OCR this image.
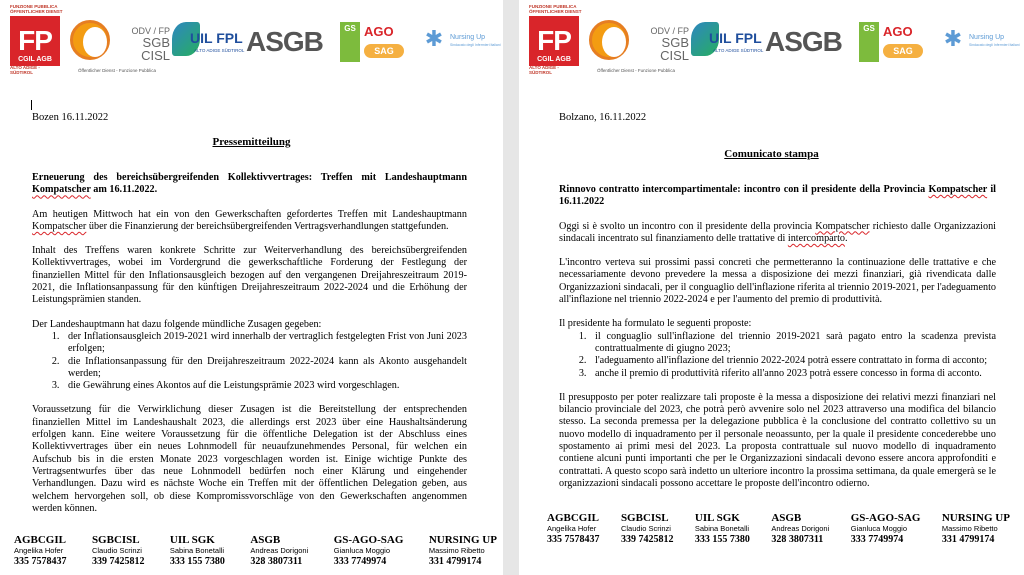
FUNZIONE PUBBLICA
ÖFFENTLICHER DIENST
FP
CGIL AGB
ALTO ADIGE - SÜDTIROL
ODV / FP
SGB CISL
Öffentlicher Dienst - Funzione Pubblica
UIL FPL
ALTO ADIGE SÜDTIROL ASGB	GS AGO
SAG	✱ Nursing Up
Sindacato degli Infermieri Italiani
Bozen 16.11.2022
Pressemitteilung

Erneuerung des bereichsübergreifenden Kollektivvertrages: Treffen mit Landeshauptmann Kompatscher am 16.11.2022.

Am heutigen Mittwoch hat ein von den Gewerkschaften gefordertes Treffen mit Landeshauptmann Kompatscher über die Finanzierung der bereichsübergreifenden Vertragsverhandlungen stattgefunden.

Inhalt des Treffens waren konkrete Schritte zur Weiterverhandlung des bereichsübergreifenden Kollektivvertrages, wobei im Vordergrund die gewerkschaftliche Forderung der Festlegung der finanziellen Mittel für den Inflationsausgleich bezogen auf den vergangenen Dreijahreszeitraum 2019-2021, die Inflationsanpassung für den künftigen Dreijahreszeitraum 2022-2024 und die Erhöhung der Leistungsprämien standen.

Der Landeshauptmann hat dazu folgende mündliche Zusagen gegeben:

1. der Inflationsausgleich 2019-2021 wird innerhalb der vertraglich festgelegten Frist von Juni 2023 erfolgen;
2. die Inflationsanpassung für den Dreijahreszeitraum 2022-2024 kann als Akonto ausgehandelt werden;
3. die Gewährung eines Akontos auf die Leistungsprämie 2023 wird vorgeschlagen.

Voraussetzung für die Verwirklichung dieser Zusagen ist die Bereitstellung der entsprechenden finanziellen Mittel im Landeshaushalt 2023, die allerdings erst 2023 über eine Haushaltsänderung erfolgen kann. Eine weitere Voraussetzung für die öffentliche Delegation ist der Abschluss eines Kollektivvertrages über ein neues Lohnmodell für neuaufzunehmendes Personal, für welchen ein Aufschub bis in die ersten Monate 2023 vorgeschlagen worden ist. Einige wichtige Punkte des Vertragsentwurfes über das neue Lohnmodell bedürfen noch einer Klärung und eingehender Verhandlungen. Dazu wird es nächste Woche ein Treffen mit der öffentlichen Delegation geben, aus welchem hervorgehen soll, ob diese Kompromissvorschläge von den Gewerkschaften angenommen werden können.

AGBCGIL
Angelika Hofer
335 7578437
SGBCISL
Claudio Scrinzi
339 7425812
UIL SGK
Sabina Bonetalli
333 155 7380
ASGB
Andreas Dorigoni
328 3807311
GS-AGO-SAG
Gianluca Moggio
333 7749974
NURSING UP
Massimo Ribetto
331 4799174
FUNZIONE PUBBLICA
ÖFFENTLICHER DIENST
FP
CGIL AGB
ALTO ADIGE - SÜDTIROL
ODV / FP
SGB CISL
Öffentlicher Dienst - Funzione Pubblica
UIL FPL
ALTO ADIGE SÜDTIROL ASGB	GS AGO
SAG	✱ Nursing Up
Sindacato degli Infermieri Italiani
Bolzano, 16.11.2022
Comunicato stampa

Rinnovo contratto intercompartimentale: incontro con il presidente della Provincia Kompatscher il 16.11.2022

Oggi si è svolto un incontro con il presidente della provincia Kompatscher richiesto dalle Organizzazioni sindacali incentrato sul finanziamento delle trattative di intercomparto.

L'incontro verteva sui prossimi passi concreti che permetteranno la continuazione delle trattative e che necessariamente devono prevedere la messa a disposizione dei mezzi finanziari, già rivendicata dalle Organizzazioni sindacali, per il conguaglio dell'inflazione riferita al triennio 2019-2021, per l'adeguamento all'inflazione nel triennio 2022-2024 e per l'aumento del premio di produttività.

Il presidente ha formulato le seguenti proposte:

1. il conguaglio sull'inflazione del triennio 2019-2021 sarà pagato entro la scadenza prevista contrattualmente di giugno 2023;
2. l'adeguamento all'inflazione del triennio 2022-2024 potrà essere contrattato in forma di acconto;
3. anche il premio di produttività riferito all'anno 2023 potrà essere concesso in forma di acconto.

Il presupposto per poter realizzare tali proposte è la messa a disposizione dei relativi mezzi finanziari nel bilancio provinciale del 2023, che potrà però avvenire solo nel 2023 attraverso una modifica del bilancio stesso. La seconda premessa per la delegazione pubblica è la conclusione del contratto collettivo su un nuovo modello di inquadramento per il personale neoassunto, per la quale il presidente concederebbe uno spostamento ai primi mesi del 2023. La proposta contrattuale sul nuovo modello di inquadramento contiene alcuni punti importanti che per le Organizzazioni sindacali devono essere ancora approfonditi e contrattati. A questo scopo sarà indetto un ulteriore incontro la prossima settimana, da quale emergerà se le organizzazioni sindacali possono accettare le proposte dell'incontro odierno.

AGBCGIL
Angelika Hofer
335 7578437
SGBCISL
Claudio Scrinzi
339 7425812
UIL SGK
Sabina Bonetalli
333 155 7380
ASGB
Andreas Dorigoni
328 3807311
GS-AGO-SAG
Gianluca Moggio
333 7749974
NURSING UP
Massimo Ribetto
331 4799174
